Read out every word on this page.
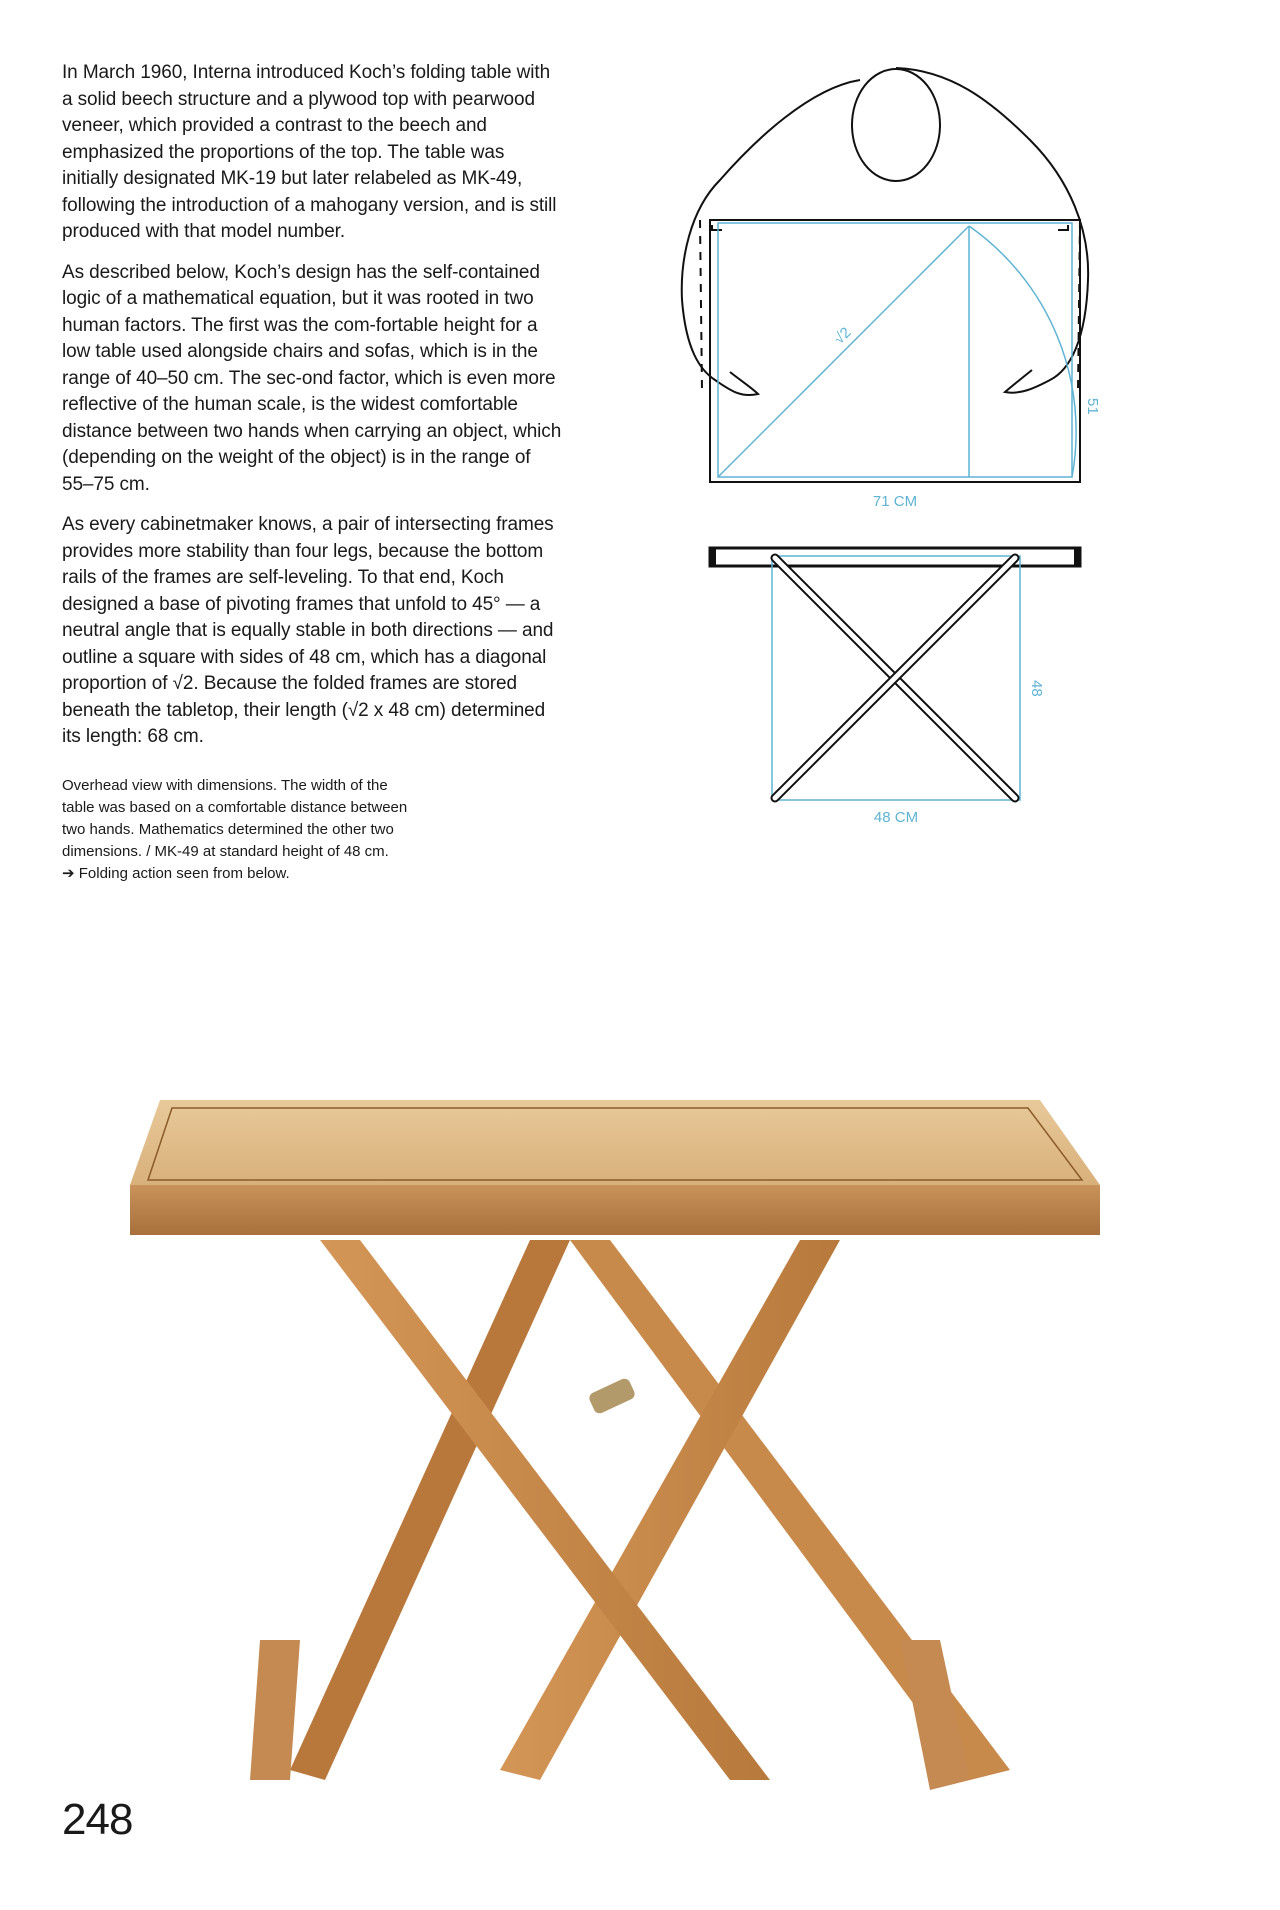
In March 1960, Interna introduced Koch’s folding table with a solid beech structure and a plywood top with pearwood veneer, which provided a contrast to the beech and emphasized the proportions of the top. The table was initially designated MK-19 but later relabeled as MK-49, following the introduction of a mahogany version, and is still produced with that model number.

As described below, Koch’s design has the self-contained logic of a mathematical equation, but it was rooted in two human factors. The first was the com-fortable height for a low table used alongside chairs and sofas, which is in the range of 40–50 cm. The sec-ond factor, which is even more reflective of the human scale, is the widest comfortable distance between two hands when carrying an object, which (depending on the weight of the object) is in the range of 55–75 cm.

As every cabinetmaker knows, a pair of intersecting frames provides more stability than four legs, because the bottom rails of the frames are self-leveling. To that end, Koch designed a base of pivoting frames that unfold to 45° — a neutral angle that is equally stable in both directions — and outline a square with sides of 48 cm, which has a diagonal proportion of √2. Because the folded frames are stored beneath the tabletop, their length (√2 x 48 cm) determined its length: 68 cm.

Overhead view with dimensions. The width of the

table was based on a comfortable distance between

two hands. Mathematics determined the other two

dimensions. / MK-49 at standard height of 48 cm.

➔ Folding action seen from below.

√2
51
71 CM
48
48 CM
248
